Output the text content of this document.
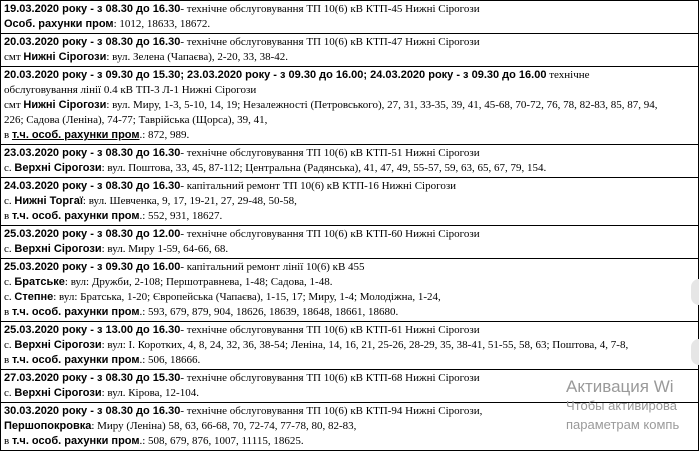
19.03.2020 року - з 08.30 до 16.30- технічне обслуговування ТП 10(6) кВ КТП-45 Нижні Сірогози
Особ. рахунки пром: 1012, 18633, 18672.
20.03.2020 року - з 08.30 до 16.30- технічне обслуговування ТП 10(6) кВ КТП-47 Нижні Сірогози
смт Нижні Сірогози: вул. Зелена (Чапаєва), 2-20, 33, 38-42.
20.03.2020 року - з 09.30 до 15.30; 23.03.2020 року - з 09.30 до 16.00; 24.03.2020 року - з 09.30 до 16.00 технічне
обслуговування лінії 0.4 кВ ТП-3 Л-1 Нижні Сірогози
смт Нижні Сірогози: вул. Миру, 1-3, 5-10, 14, 19; Незалежності (Петровського), 27, 31, 33-35, 39, 41, 45-68, 70-72, 76, 78, 82-83, 85, 87, 94,
226; Садова (Леніна), 74-77; Таврійська (Щорса), 39, 41,
в т.ч. особ. рахунки пром.: 872, 989.
23.03.2020 року - з 08.30 до 16.30- технічне обслуговування ТП 10(6) кВ КТП-51 Нижні Сірогози
с. Верхні Сірогози: вул. Поштова, 33, 45, 87-112; Центральна (Радянська), 41, 47, 49, 55-57, 59, 63, 65, 67, 79, 154.
24.03.2020 року - з 08.30 до 16.30- капітальний ремонт ТП 10(6) кВ КТП-16 Нижні Сірогози
с. Нижні Торгаї: вул. Шевченка, 9, 17, 19-21, 27, 29-48, 50-58,
в т.ч. особ. рахунки пром.: 552, 931, 18627.
25.03.2020 року - з 08.30 до 12.00- технічне обслуговування ТП 10(6) кВ КТП-60 Нижні Сірогози
с. Верхні Сірогози: вул. Миру 1-59, 64-66, 68.
25.03.2020 року - з 09.30 до 16.00- капітальний ремонт лінії 10(6) кВ 455
с. Братське: вул: Дружби, 2-108; Першотравнева, 1-48; Садова, 1-48.
с. Степне: вул: Братська, 1-20; Європейська (Чапаєва), 1-15, 17; Миру, 1-4; Молодіжна, 1-24,
в т.ч. особ. рахунки пром.: 593, 679, 879, 904, 18626, 18639, 18648, 18661, 18680.
25.03.2020 року - з 13.00 до 16.30- технічне обслуговування ТП 10(6) кВ КТП-61 Нижні Сірогози
с. Верхні Сірогози: вул: І. Коротких, 4, 8, 24, 32, 36, 38-54; Леніна, 14, 16, 21, 25-26, 28-29, 35, 38-41, 51-55, 58, 63; Поштова, 4, 7-8,
в т.ч. особ. рахунки пром.: 506, 18666.
27.03.2020 року - з 08.30 до 15.30- технічне обслуговування ТП 10(6) кВ КТП-68 Нижні Сірогози
с. Верхні Сірогози: вул. Кірова, 12-104.
30.03.2020 року - з 08.30 до 16.30- технічне обслуговування ТП 10(6) кВ КТП-94 Нижні Сірогози,
Першопокровка: Миру (Леніна) 58, 63, 66-68, 70, 72-74, 77-78, 80, 82-83,
в т.ч. особ. рахунки пром.: 508, 679, 876, 1007, 11115, 18625.
Активация Wi
Чтобы активирова
параметрам компь
